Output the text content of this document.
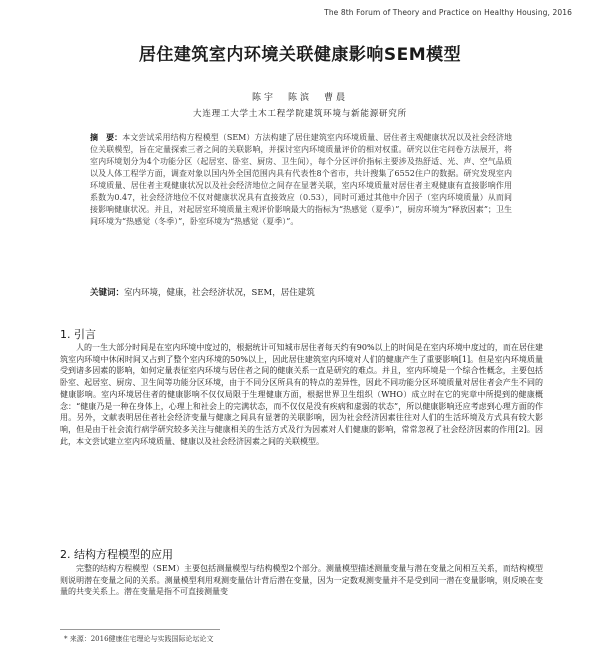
The 8th Forum of Theory and Practice on Healthy Housing, 2016
居住建筑室内环境关联健康影响SEM模型
陈宇　陈滨　曹晨
大连理工大学土木工程学院建筑环境与新能源研究所
摘　要：本文尝试采用结构方程模型（SEM）方法构建了居住建筑室内环境质量、居住者主观健康状况以及社会经济地位关联模型，旨在定量探索三者之间的关联影响，并探讨室内环境质量评价的相对权重。研究以住宅问卷方法展开，将室内环境划分为4个功能分区（起居室、卧室、厨房、卫生间），每个分区评价指标主要涉及热舒适、光、声、空气品质以及人体工程学方面，调查对象以国内外全国范围内具有代表性8个省市，共计搜集了6552住户的数据。研究发现室内环境质量、居住者主观健康状况以及社会经济地位之间存在显著关联，室内环境质量对居住者主观健康有直接影响作用系数为0.47，社会经济地位不仅对健康状况具有直接效应（0.53），同时可通过其他中介因子（室内环境质量）从而间接影响健康状况。并且，对起居室环境质量主观评价影响最大的指标为“热感觉（夏季）”，厨房环境为“释放因素”；卫生间环境为“热感觉（冬季）”，卧室环境为“热感觉（夏季）”。
关键词：室内环境，健康，社会经济状况，SEM，居住建筑
1. 引言

人的一生大部分时间是在室内环境中度过的，根据统计可知城市居住者每天约有90%以上的时间是在室内环境中度过的，而在居住建筑室内环境中休闲时间又占到了整个室内环境的50%以上，因此居住建筑室内环境对人们的健康产生了重要影响[1]。但是室内环境质量受到诸多因素的影响，如何定量表征室内环境与居住者之间的健康关系一直是研究的难点。并且，室内环境是一个综合性概念，主要包括卧室、起居室、厨房、卫生间等功能分区环境，由于不同分区所具有的特点的差异性，因此不同功能分区环境质量对居住者会产生不同的健康影响。室内环境居住者的健康影响不仅仅局限于生理健康方面，根据世界卫生组织（WHO）成立时在它的宪章中所提到的健康概念：“健康乃是一种在身体上，心理上和社会上的完满状态，而不仅仅是没有疾病和虚弱的状态”，所以健康影响还应考虑到心理方面的作用。另外，文献表明居住者社会经济变量与健康之间具有显著的关联影响，因为社会经济因素往往对人们的生活环境及方式具有较大影响，但是由于社会流行病学研究较多关注与健康相关的生活方式及行为因素对人们健康的影响，常常忽视了社会经济因素的作用[2]。因此，本文尝试建立室内环境质量、健康以及社会经济因素之间的关联模型。

2. 结构方程模型的应用

完整的结构方程模型（SEM）主要包括测量模型与结构模型2个部分。测量模型描述测量变量与潜在变量之间相互关系，而结构模型则说明潜在变量之间的关系。测量模型利用观测变量估计背后潜在变量，因为一定数观测变量并不是受到同一潜在变量影响，则反映在变量的共变关系上。潜在变量是指不可直接测量变

* 来源：2016健康住宅理论与实践国际论坛论文
